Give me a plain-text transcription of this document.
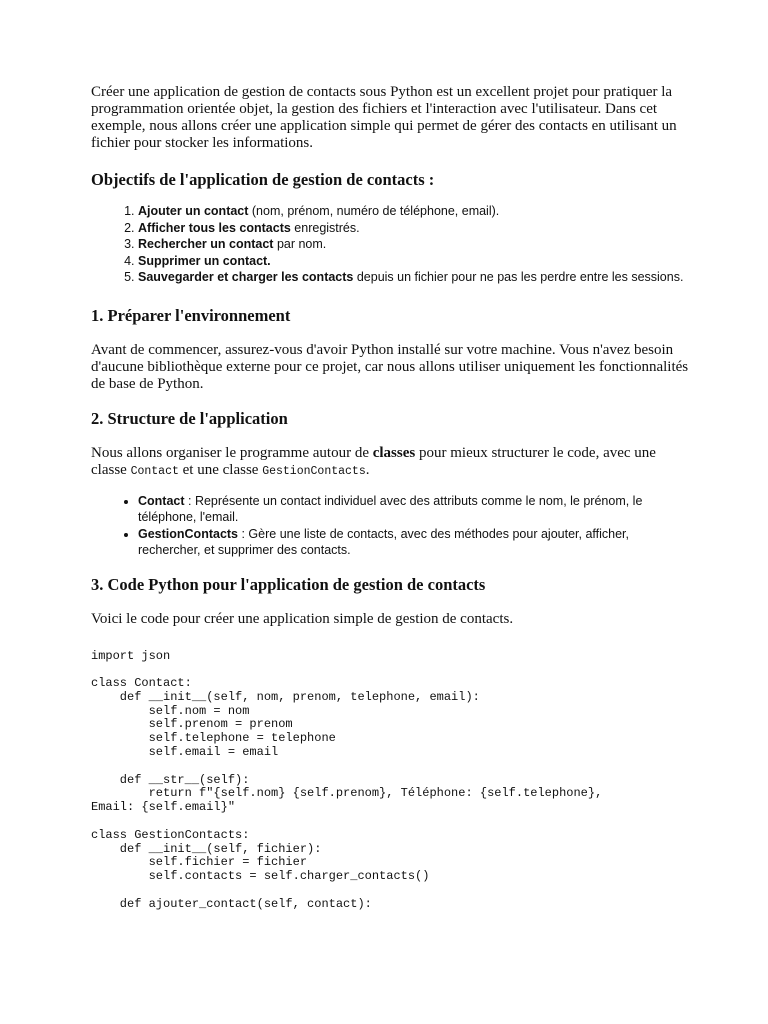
Créer une application de gestion de contacts sous Python est un excellent projet pour pratiquer la programmation orientée objet, la gestion des fichiers et l'interaction avec l'utilisateur. Dans cet exemple, nous allons créer une application simple qui permet de gérer des contacts en utilisant un fichier pour stocker les informations.

Objectifs de l'application de gestion de contacts :
1. Ajouter un contact (nom, prénom, numéro de téléphone, email).
2. Afficher tous les contacts enregistrés.
3. Rechercher un contact par nom.
4. Supprimer un contact.
5. Sauvegarder et charger les contacts depuis un fichier pour ne pas les perdre entre les sessions.
1. Préparer l'environnement

Avant de commencer, assurez-vous d'avoir Python installé sur votre machine. Vous n'avez besoin d'aucune bibliothèque externe pour ce projet, car nous allons utiliser uniquement les fonctionnalités de base de Python.

2. Structure de l'application

Nous allons organiser le programme autour de classes pour mieux structurer le code, avec une classe Contact et une classe GestionContacts.

• Contact : Représente un contact individuel avec des attributs comme le nom, le prénom, le téléphone, l'email.
• GestionContacts : Gère une liste de contacts, avec des méthodes pour ajouter, afficher, rechercher, et supprimer des contacts.
3. Code Python pour l'application de gestion de contacts

Voici le code pour créer une application simple de gestion de contacts.

import json

class Contact:
def __init__(self, nom, prenom, telephone, email):
self.nom = nom
self.prenom = prenom
self.telephone = telephone
self.email = email

def __str__(self):
return f"{self.nom} {self.prenom}, Téléphone: {self.telephone},
Email: {self.email}"

class GestionContacts:
def __init__(self, fichier):
self.fichier = fichier
self.contacts = self.charger_contacts()

def ajouter_contact(self, contact):
